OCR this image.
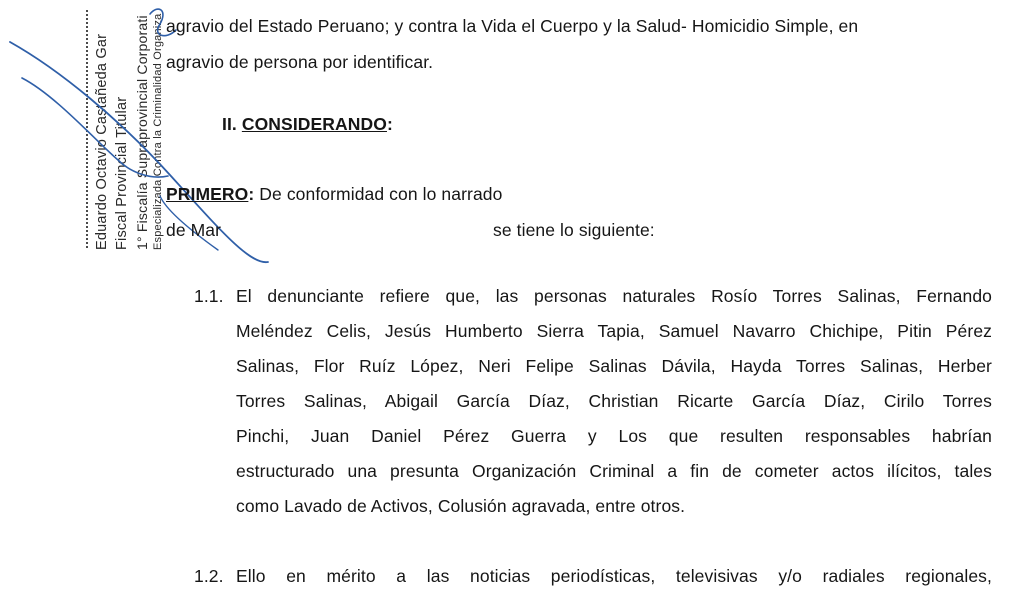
Eduardo Octavio Castañeda Gar Fiscal Provincial Titular 1° Fiscalía Supraprovincial Corporati Especializada Contra la Criminalidad Organiza agravio del Estado Peruano; y contra la Vida el Cuerpo y la Salud- Homicidio Simple, en
agravio de persona por identificar.
II. CONSIDERANDO:
PRIMERO: De conformidad con lo narrado
de Mar	se tiene lo siguiente:
1.1. El denunciante refiere que, las personas naturales Rosío Torres Salinas, Fernando
Meléndez Celis, Jesús Humberto Sierra Tapia, Samuel Navarro Chichipe, Pitin Pérez
Salinas, Flor Ruíz López, Neri Felipe Salinas Dávila, Hayda Torres Salinas, Herber
Torres Salinas, Abigail García Díaz, Christian Ricarte García Díaz, Cirilo Torres
Pinchi, Juan Daniel Pérez Guerra y Los que resulten responsables habrían
estructurado una presunta Organización Criminal a fin de cometer actos ilícitos, tales
como Lavado de Activos, Colusión agravada, entre otros.
1.2. Ello en mérito a las noticias periodísticas, televisivas y/o radiales regionales,
